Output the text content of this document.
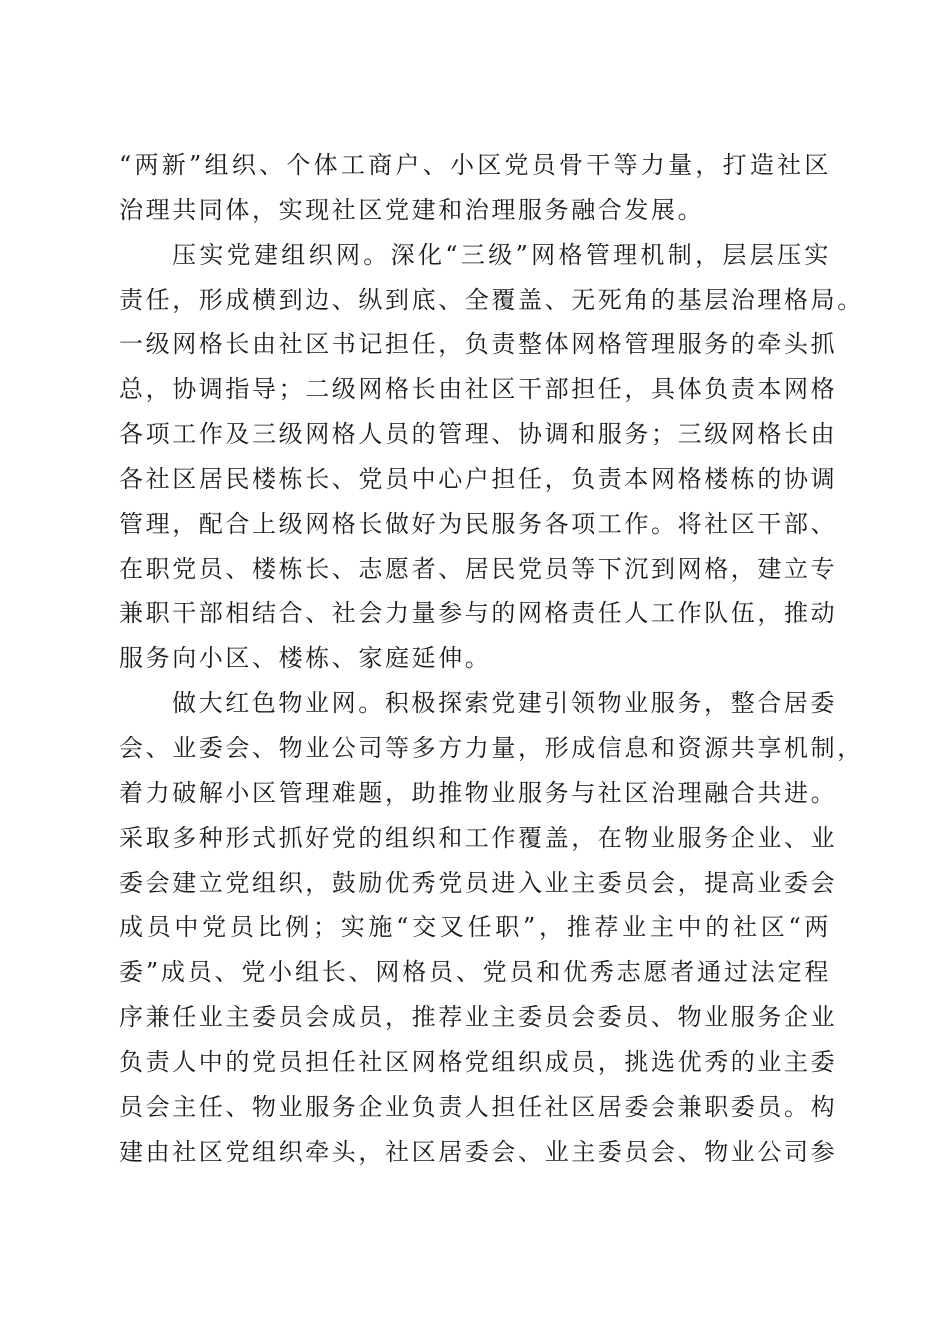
“两新”组织、个体工商户、小区党员骨干等力量，打造社区
治理共同体，实现社区党建和治理服务融合发展。
压实党建组织网。深化“三级”网格管理机制，层层压实
责任，形成横到边、纵到底、全覆盖、无死角的基层治理格局。
一级网格长由社区书记担任，负责整体网格管理服务的牵头抓
总，协调指导；二级网格长由社区干部担任，具体负责本网格
各项工作及三级网格人员的管理、协调和服务；三级网格长由
各社区居民楼栋长、党员中心户担任，负责本网格楼栋的协调
管理，配合上级网格长做好为民服务各项工作。将社区干部、
在职党员、楼栋长、志愿者、居民党员等下沉到网格，建立专
兼职干部相结合、社会力量参与的网格责任人工作队伍，推动
服务向小区、楼栋、家庭延伸。
做大红色物业网。积极探索党建引领物业服务，整合居委
会、业委会、物业公司等多方力量，形成信息和资源共享机制，
着力破解小区管理难题，助推物业服务与社区治理融合共进。
采取多种形式抓好党的组织和工作覆盖，在物业服务企业、业
委会建立党组织，鼓励优秀党员进入业主委员会，提高业委会
成员中党员比例；实施“交叉任职”，推荐业主中的社区“两
委”成员、党小组长、网格员、党员和优秀志愿者通过法定程
序兼任业主委员会成员，推荐业主委员会委员、物业服务企业
负责人中的党员担任社区网格党组织成员，挑选优秀的业主委
员会主任、物业服务企业负责人担任社区居委会兼职委员。构
建由社区党组织牵头，社区居委会、业主委员会、物业公司参
